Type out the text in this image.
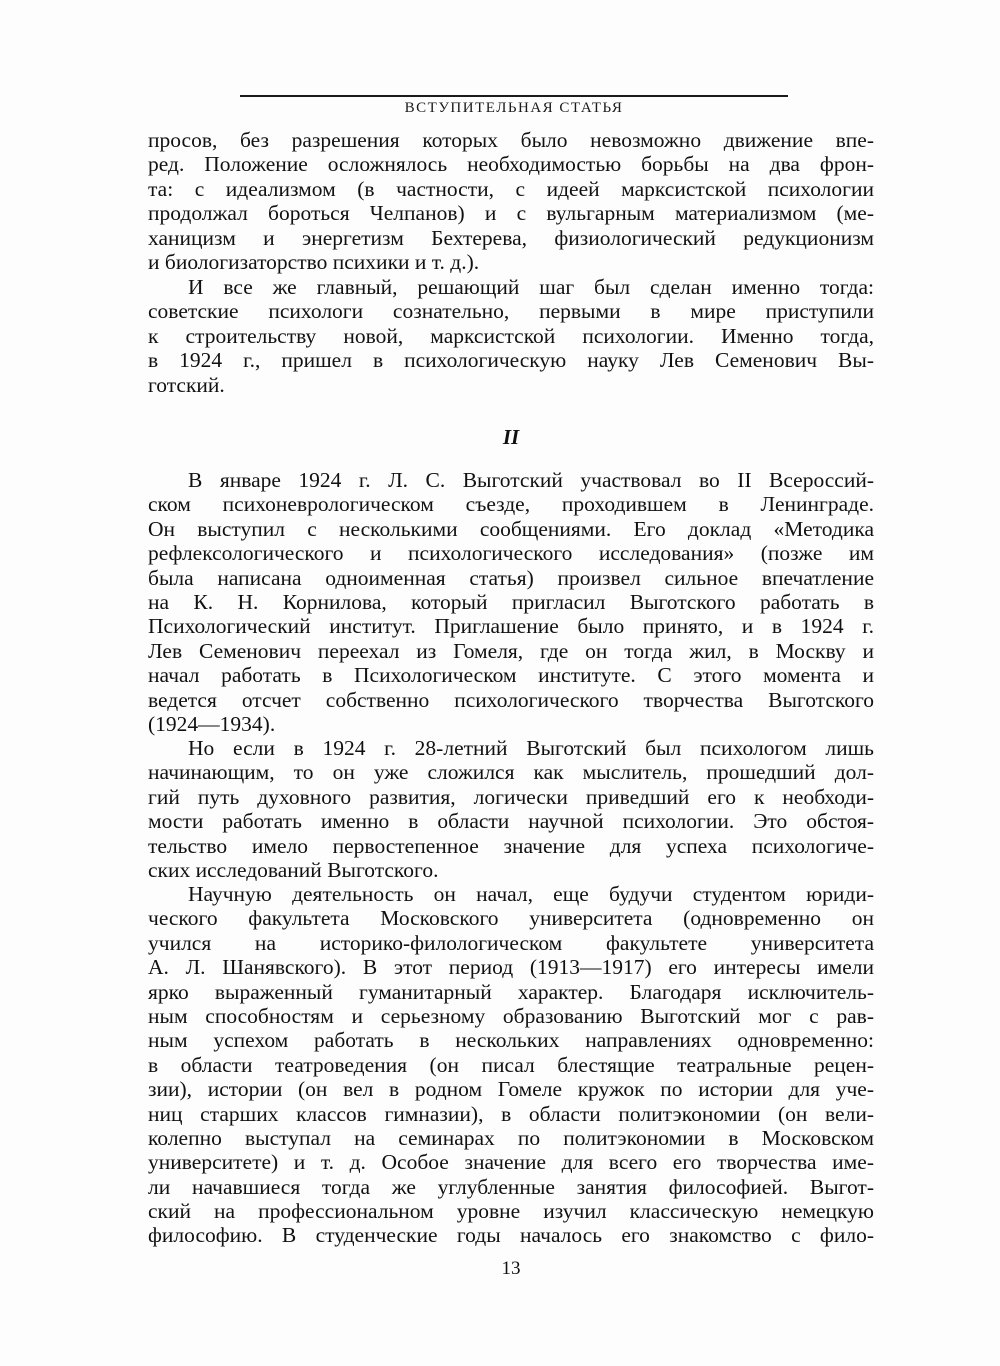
ВСТУПИТЕЛЬНАЯ СТАТЬЯ
просов, без разрешения которых было невозможно движение впе-
ред. Положение осложнялось необходимостью борьбы на два фрон-
та: с идеализмом (в частности, с идеей марксистской психологии
продолжал бороться Челпанов) и с вульгарным материализмом (ме-
ханицизм и энергетизм Бехтерева, физиологический редукционизм
и биологизаторство психики и т. д.).
И все же главный, решающий шаг был сделан именно тогда:
советские психологи сознательно, первыми в мире приступили
к строительству новой, марксистской психологии. Именно тогда,
в 1924 г., пришел в психологическую науку Лев Семенович Вы-
готский.
II
В январе 1924 г. Л. С. Выготский участвовал во II Всероссий-
ском психоневрологическом съезде, проходившем в Ленинграде.
Он выступил с несколькими сообщениями. Его доклад «Методика
рефлексологического и психологического исследования» (позже им
была написана одноименная статья) произвел сильное впечатление
на К. Н. Корнилова, который пригласил Выготского работать в
Психологический институт. Приглашение было принято, и в 1924 г.
Лев Семенович переехал из Гомеля, где он тогда жил, в Москву и
начал работать в Психологическом институте. С этого момента и
ведется отсчет собственно психологического творчества Выготского
(1924—1934).
Но если в 1924 г. 28-летний Выготский был психологом лишь
начинающим, то он уже сложился как мыслитель, прошедший дол-
гий путь духовного развития, логически приведший его к необходи-
мости работать именно в области научной психологии. Это обстоя-
тельство имело первостепенное значение для успеха психологиче-
ских исследований Выготского.
Научную деятельность он начал, еще будучи студентом юриди-
ческого факультета Московского университета (одновременно он
учился на историко-филологическом факультете университета
А. Л. Шанявского). В этот период (1913—1917) его интересы имели
ярко выраженный гуманитарный характер. Благодаря исключитель-
ным способностям и серьезному образованию Выготский мог с рав-
ным успехом работать в нескольких направлениях одновременно:
в области театроведения (он писал блестящие театральные рецен-
зии), истории (он вел в родном Гомеле кружок по истории для уче-
ниц старших классов гимназии), в области политэкономии (он вели-
колепно выступал на семинарах по политэкономии в Московском
университете) и т. д. Особое значение для всего его творчества име-
ли начавшиеся тогда же углубленные занятия философией. Выгот-
ский на профессиональном уровне изучил классическую немецкую
философию. В студенческие годы началось его знакомство с фило-
13
